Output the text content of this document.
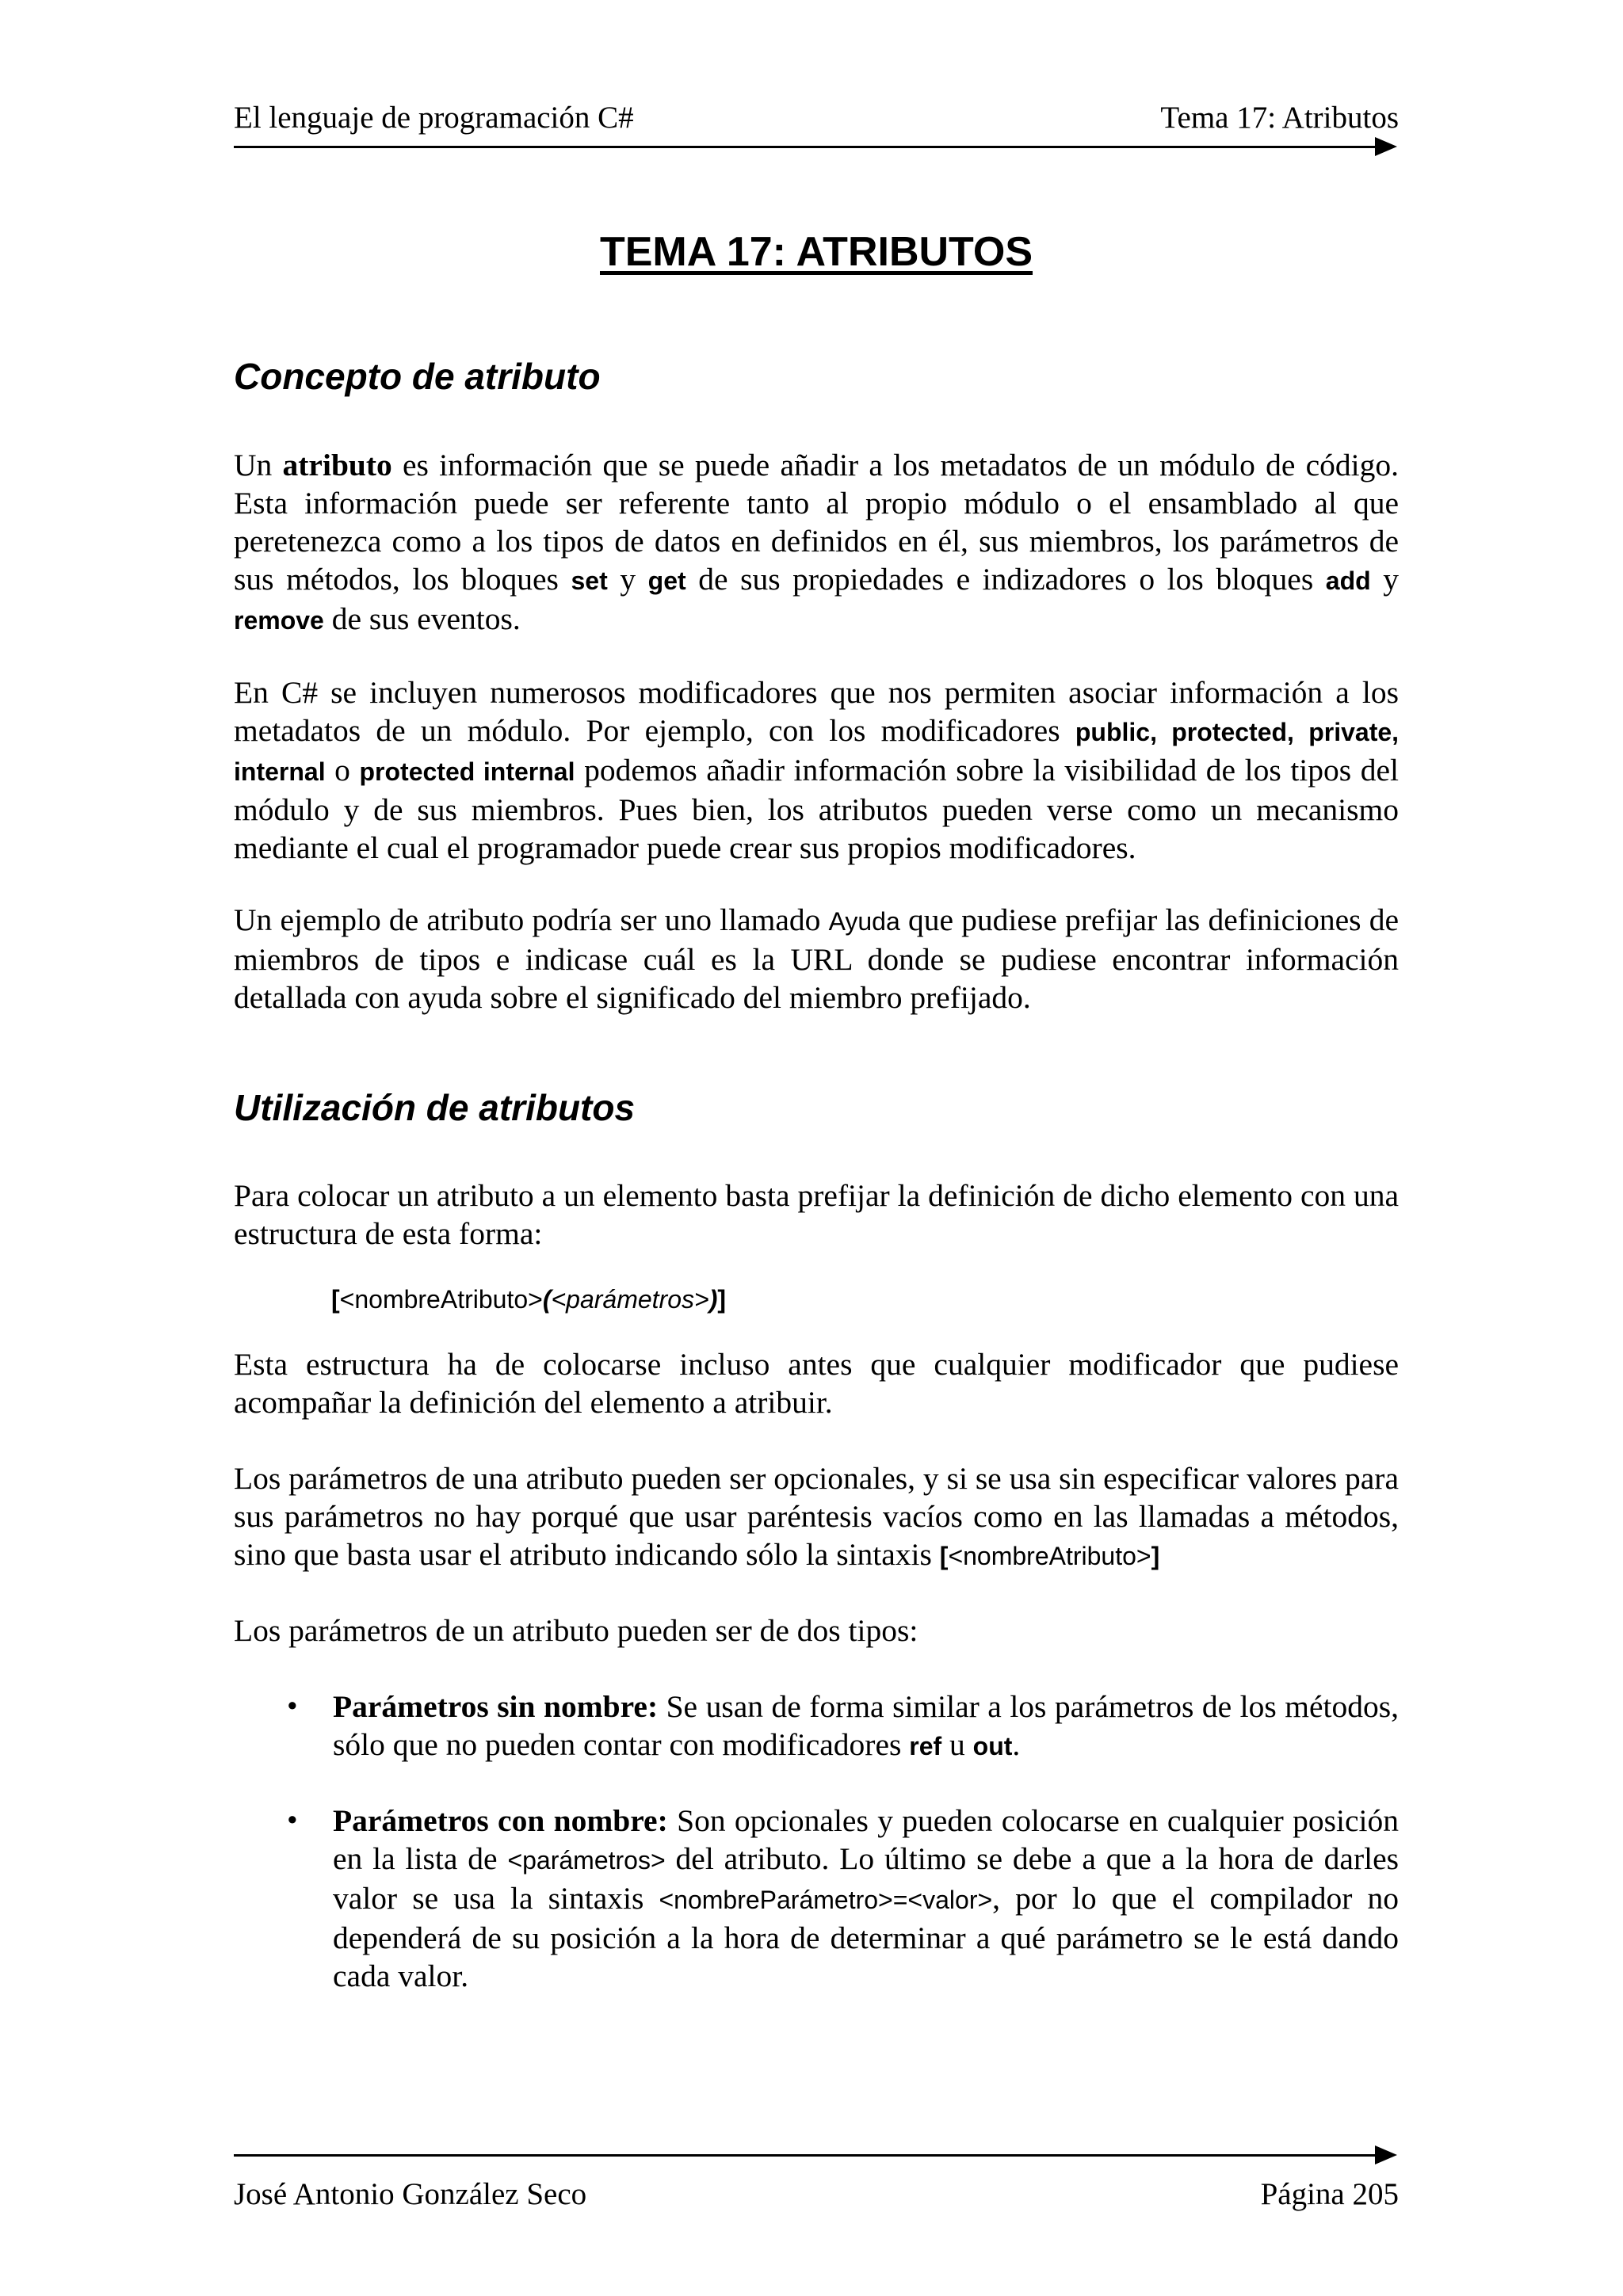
El lenguaje de programación C#	Tema 17: Atributos
TEMA 17: ATRIBUTOS
Concepto de atributo

Un atributo es información que se puede añadir a los metadatos de un módulo de código. Esta información puede ser referente tanto al propio módulo o el ensamblado al que peretenezca como a los tipos de datos en definidos en él, sus miembros, los parámetros de sus métodos, los bloques set y get de sus propiedades e indizadores o los bloques add y remove de sus eventos.

En C# se incluyen numerosos modificadores que nos permiten asociar información a los metadatos de un módulo. Por ejemplo, con los modificadores public, protected, private, internal o protected internal podemos añadir información sobre la visibilidad de los tipos del módulo y de sus miembros. Pues bien, los atributos pueden verse como un mecanismo mediante el cual el programador puede crear sus propios modificadores.

Un ejemplo de atributo podría ser uno llamado Ayuda que pudiese prefijar las definiciones de miembros de tipos e indicase cuál es la URL donde se pudiese encontrar información detallada con ayuda sobre el significado del miembro prefijado.

Utilización de atributos

Para colocar un atributo a un elemento basta prefijar la definición de dicho elemento con una estructura de esta forma:

[<nombreAtributo>(<parámetros>)]

Esta estructura ha de colocarse incluso antes que cualquier modificador que pudiese acompañar la definición del elemento a atribuir.

Los parámetros de una atributo pueden ser opcionales, y si se usa sin especificar valores para sus parámetros no hay porqué que usar paréntesis vacíos como en las llamadas a métodos, sino que basta usar el atributo indicando sólo la sintaxis [<nombreAtributo>]

Los parámetros de un atributo pueden ser de dos tipos:

• Parámetros sin nombre: Se usan de forma similar a los parámetros de los métodos, sólo que no pueden contar con modificadores ref u out.

• Parámetros con nombre: Son opcionales y pueden colocarse en cualquier posición en la lista de <parámetros> del atributo. Lo último se debe a que a la hora de darles valor se usa la sintaxis <nombreParámetro>=<valor>, por lo que el compilador no dependerá de su posición a la hora de determinar a qué parámetro se le está dando cada valor.

José Antonio González Seco	Página 205
